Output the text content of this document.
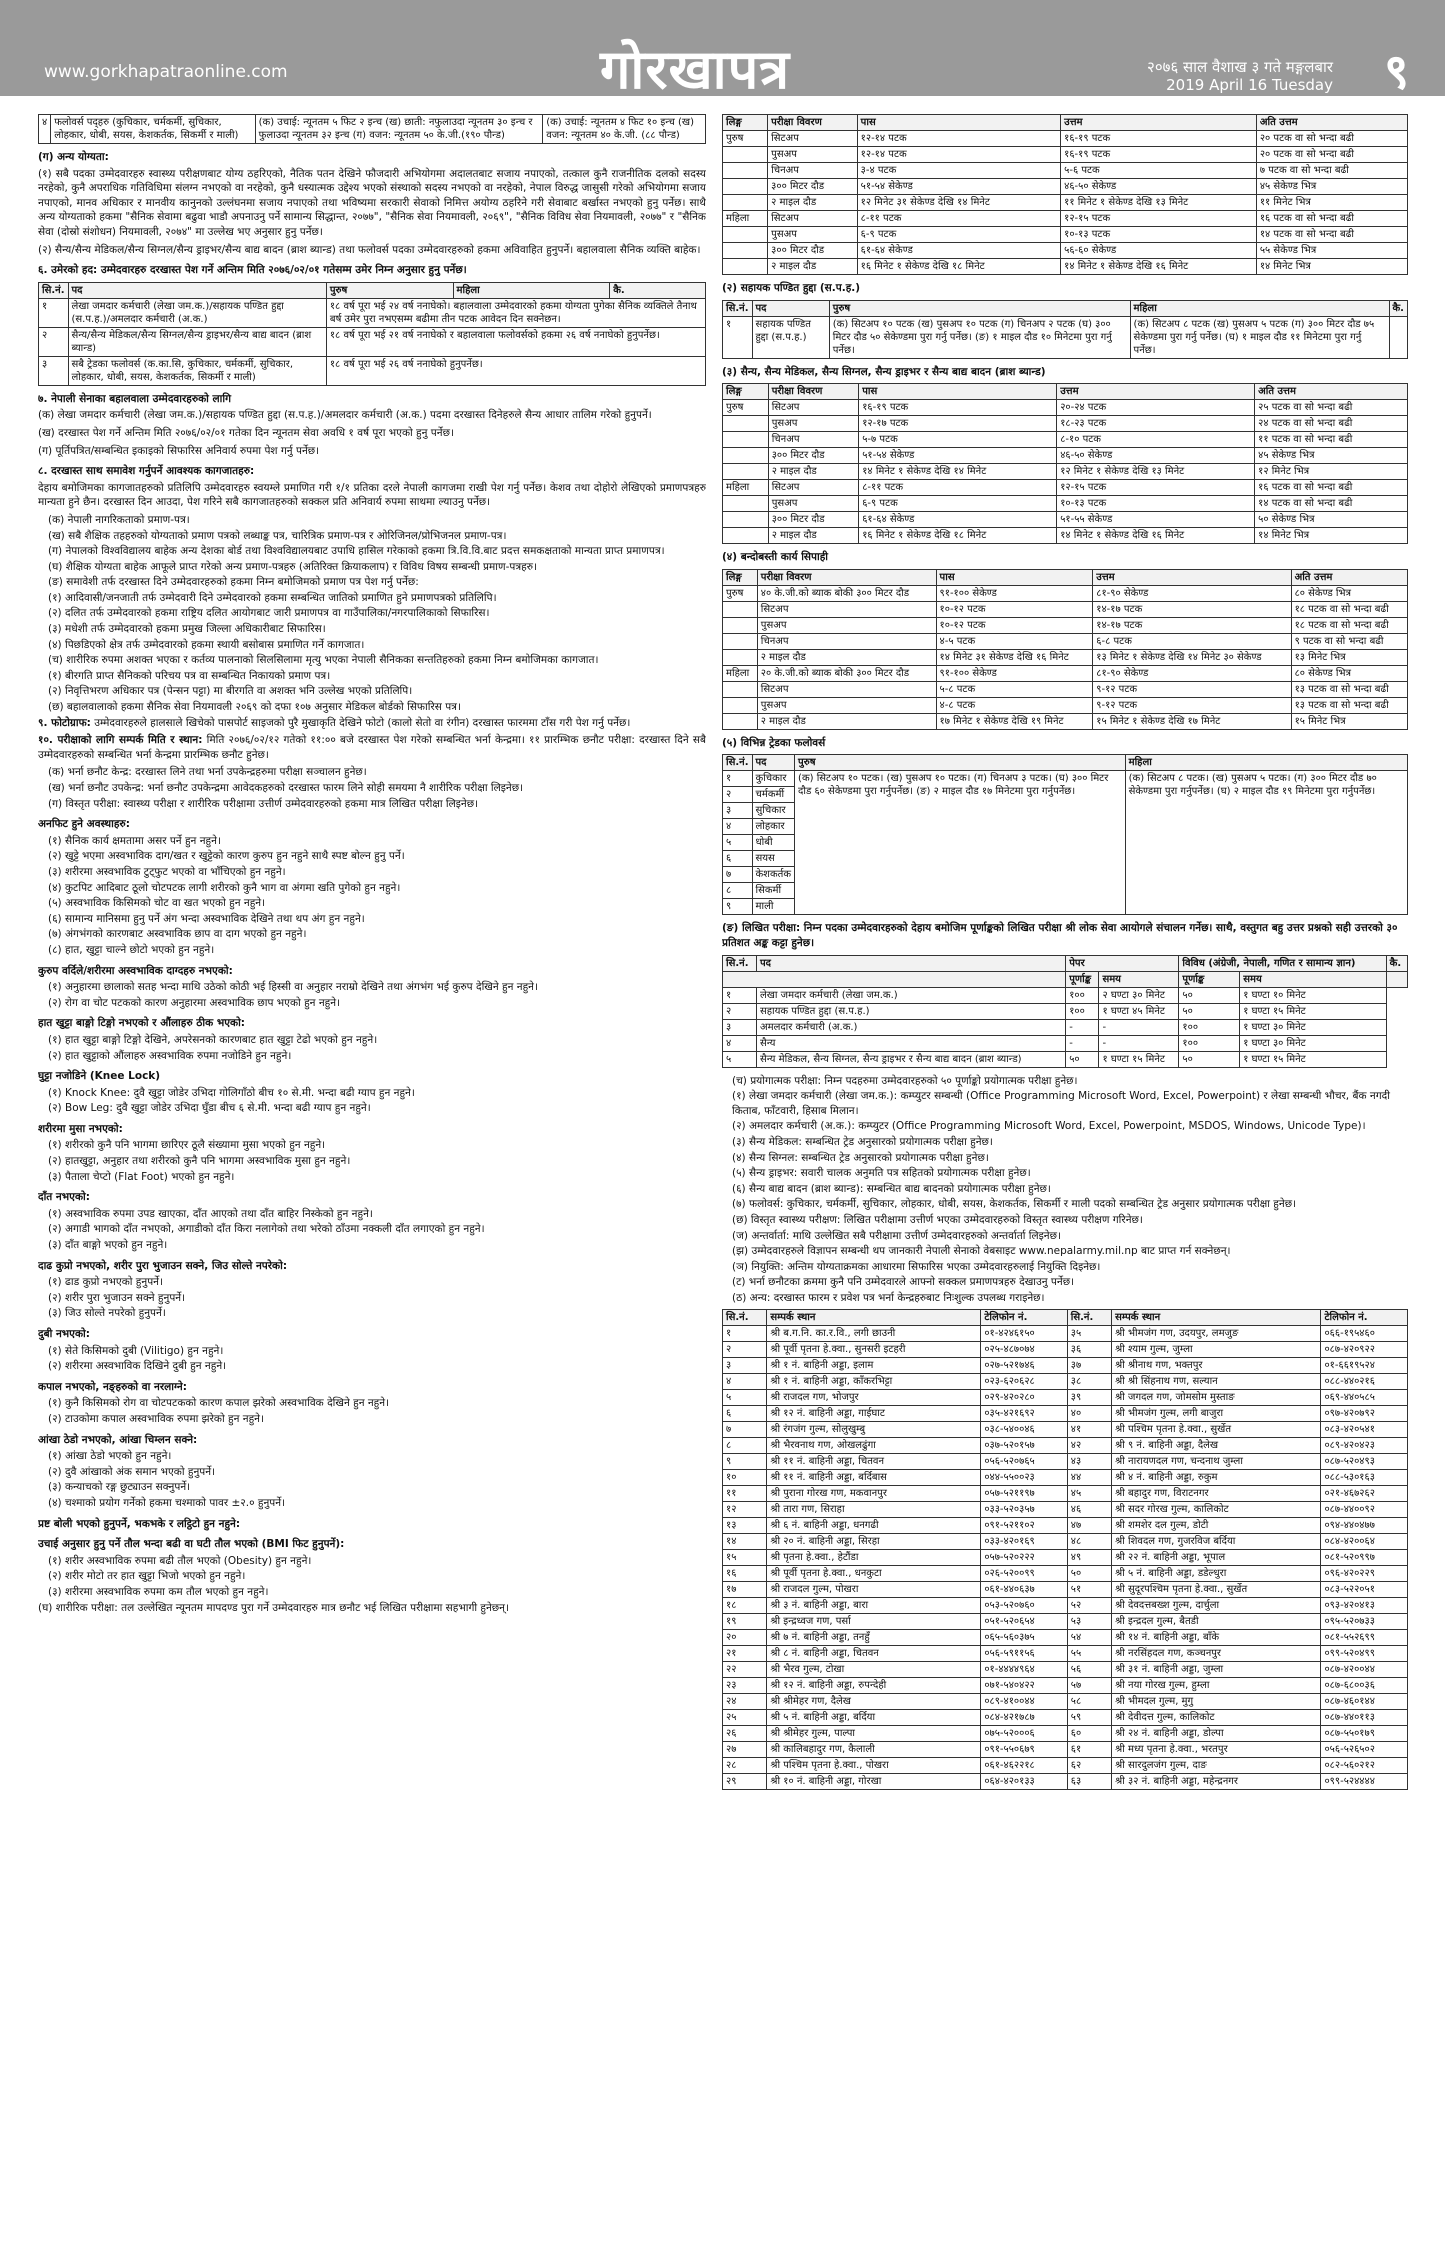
www.gorkhapatraonline.com	गोरखापत्र	२०७६ साल वैशाख ३ गते मङ्गलबार
2019 April 16 Tuesday ९
४	फलोवर्स पद्हरु (कुचिकार, चर्मकर्मी, सुचिकार, लोहकार, धोबी, सयस, केशकर्तक, सिकर्मी र माली)	(क) उचाई: न्यूनतम ५ फिट २ इन्च (ख) छाती: नफुलाउदा न्यूनतम ३० इन्च र फुलाउदा न्यूनतम ३२ इन्च (ग) वजन: न्यूनतम ५० के.जी.(१९० पौन्ड)	(क) उचाई: न्यूनतम ४ फिट १० इन्च (ख) वजन: न्यूनतम ४० के.जी. (८८ पौन्ड)
(ग) अन्य योग्यता:

(१) सबै पदका उम्मेदवारहरु स्वास्थ्य परीक्षणबाट योग्य ठहरिएको, नैतिक पतन देखिने फौजदारी अभियोगमा अदालतबाट सजाय नपाएको, तत्काल कुनै राजनीतिक दलको सदस्य नरहेको, कुनै अपराधिक गतिविधिमा संलग्न नभएको वा नरहेको, कुनै धस्यात्मक उद्देश्य भएको संस्थाको सदस्य नभएको वा नरहेको, नेपाल विरुद्ध जासुसी गरेको अभियोगमा सजाय नपाएको, मानव अधिकार र मानवीय कानुनको उल्लंघनमा सजाय नपाएको तथा भविष्यमा सरकारी सेवाको निमित्त अयोग्य ठहरिने गरी सेवाबाट बर्खास्त नभएको हुनु पर्नेछ। साथै अन्य योग्यताको हकमा "सैनिक सेवामा बढुवा भाडौ अपनाउनु पर्ने सामान्य सिद्धान्त, २०७७", "सैनिक सेवा नियमावली, २०६९", "सैनिक विविध सेवा नियमावली, २०७७" र "सैनिक सेवा (दोस्रो संशोधन) नियमावली, २०७४" मा उल्लेख भए अनुसार हुनु पर्नेछ।

(२) सैन्य/सैन्य मेडिकल/सैन्य सिग्नल/सैन्य ड्राइभर/सैन्य बाद्य बादन (ब्राश ब्यान्ड) तथा फलोवर्स पदका उम्मेदवारहरुको हकमा अविवाहित हुनुपर्ने। बहालवाला सैनिक व्यक्ति बाहेक।

६. उमेरको हद: उम्मेदवारहरु दरखास्त पेश गर्ने अन्तिम मिति २०७६/०२/०१ गतेसम्म उमेर निम्न अनुसार हुनु पर्नेछ।
सि.नं.	पद	पुरुष	महिला	कै.
१	लेखा जमदार कर्मचारी (लेखा जम.क.)/सहायक पण्डित हुद्दा (स.प.ह.)/अमलदार कर्मचारी (अ.क.)	१८ वर्ष पूरा भई २४ वर्ष ननाघेको। बहालवाला उम्मेदवारको हकमा योग्यता पुगेका सैनिक व्यक्तिले तैनाथ बर्ष उमेर पुरा नभएसम्म बढीमा तीन पटक आवेदन दिन सक्नेछन।		
२	सैन्य/सैन्य मेडिकल/सैन्य सिग्नल/सैन्य ड्राइभर/सैन्य बाद्य बादन (ब्राश ब्यान्ड)	१८ वर्ष पूरा भई २१ वर्ष ननाघेको र बहालवाला फलोवर्सको हकमा २६ वर्ष ननाघेको हुनुपर्नेछ।		
३	सबै ट्रेडका फलोवर्स (क.का.सि, कुचिकार, चर्मकर्मी, सुचिकार, लोहकार, धोबी, सयस, केशकर्तक, सिकर्मी र माली)	१८ वर्ष पूरा भई २६ वर्ष ननाघेको हुनुपर्नेछ।		
७. नेपाली सेनाका बहालवाला उम्मेदवारहरुको लागि

(क) लेखा जमदार कर्मचारी (लेखा जम.क.)/सहायक पण्डित हुद्दा (स.प.ह.)/अमलदार कर्मचारी (अ.क.) पदमा दरखास्त दिनेहरुले सैन्य आधार तालिम गरेको हुनुपर्ने।

(ख) दरखास्त पेश गर्ने अन्तिम मिति २०७६/०२/०१ गतेका दिन न्यूनतम सेवा अवधि १ वर्ष पूरा भएको हुनु पर्नेछ।

(ग) पूर्तिपत्रित/सम्बन्धित इकाइको सिफारिस अनिवार्य रुपमा पेश गर्नु पर्नेछ।

८. दरखास्त साथ समावेश गर्नुपर्ने आवश्यक कागजातहरु:

देहाय बमोजिमका कागजातहरुको प्रतिलिपि उम्मेदवारहरु स्वयम्ले प्रमाणित गरी १/१ प्रतिका दरले नेपाली कागजमा राखी पेश गर्नु पर्नेछ। केशव तथा दोहोरो लेखिएको प्रमाणपत्रहरु मान्यता हुने छैन। दरखास्त दिन आउदा, पेश गरिने सबै कागजातहरुको सक्कल प्रति अनिवार्य रुपमा साथमा ल्याउनु पर्नेछ।

(क) नेपाली नागरिकताको प्रमाण-पत्र।
(ख) सबै शैक्षिक तहहरुको योग्यताको प्रमाण पत्रको लब्धाङ्क पत्र, चारित्रिक प्रमाण-पत्र र ओरिजिनल/प्रोभिजनल प्रमाण-पत्र।
(ग) नेपालको विश्वविद्यालय बाहेक अन्य देशका बोर्ड तथा विश्वविद्यालयबाट उपाधि हासिल गरेकाको हकमा त्रि.वि.वि.बाट प्रदत्त समकक्षताको मान्यता प्राप्त प्रमाणपत्र।
(घ) शैक्षिक योग्यता बाहेक आफूले प्राप्त गरेको अन्य प्रमाण-पत्रहरु (अतिरिक्त क्रियाकलाप) र विविध विषय सम्बन्धी प्रमाण-पत्रहरु।
(ङ) समावेशी तर्फ दरखास्त दिने उम्मेदवारहरुको हकमा निम्न बमोजिमको प्रमाण पत्र पेश गर्नु पर्नेछ:
(१) आदिवासी/जनजाती तर्फ उम्मेदवारी दिने उम्मेदवारको हकमा सम्बन्धित जातिको प्रमाणित हुने प्रमाणपत्रको प्रतिलिपि।
(२) दलित तर्फ उम्मेदवारको हकमा राष्ट्रिय दलित आयोगबाट जारी प्रमाणपत्र वा गाउँपालिका/नगरपालिकाको सिफारिस।
(३) मधेशी तर्फ उम्मेदवारको हकमा प्रमुख जिल्ला अधिकारीबाट सिफारिस।
(४) पिछडिएको क्षेत्र तर्फ उम्मेदवारको हकमा स्थायी बसोबास प्रमाणित गर्ने कागजात।
(च) शारीरिक रुपमा अशक्त भएका र कर्तव्य पालनाको सिलसिलामा मृत्यु भएका नेपाली सैनिकका सन्ततिहरुको हकमा निम्न बमोजिमका कागजात।
(१) बीरगति प्राप्त सैनिकको परिचय पत्र वा सम्बन्धित निकायको प्रमाण पत्र।
(२) निवृत्तिभरण अधिकार पत्र (पेन्सन पट्टा) मा बीरगति वा अशक्त भनि उल्लेख भएको प्रतिलिपि।
(छ) बहालवालाको हकमा सैनिक सेवा नियमावली २०६९ को दफा १०७ अनुसार मेडिकल बोर्डको सिफारिस पत्र।

९. फोटोग्राफ: उम्मेदवारहरुले हालसाले खिचेको पासपोर्ट साइजको पुरै मुखाकृति देखिने फोटो (कालो सेतो वा रंगीन) दरखास्त फारममा टाँस गरी पेश गर्नु पर्नेछ।

१०. परीक्षाको लागि सम्पर्क मिति र स्थान: मिति २०७६/०२/१२ गतेको ११:०० बजे दरखास्त पेश गरेको सम्बन्धित भर्ना केन्द्रमा। ११ प्रारम्भिक छनौट परीक्षा: दरखास्त दिने सबै उम्मेदवारहरुको सम्बन्धित भर्ना केन्द्रमा प्रारम्भिक छनौट हुनेछ।

(क) भर्ना छनौट केन्द्र: दरखास्त लिने तथा भर्ना उपकेन्द्रहरुमा परीक्षा सञ्चालन हुनेछ।
(ख) भर्ना छनौट उपकेन्द्र: भर्ना छनौट उपकेन्द्रमा आवेदकहरुको दरखास्त फारम लिने सोही समयमा नै शारीरिक परीक्षा लिइनेछ।
(ग) विस्तृत परीक्षा: स्वास्थ्य परीक्षा र शारीरिक परीक्षामा उत्तीर्ण उम्मेदवारहरुको हकमा मात्र लिखित परीक्षा लिइनेछ।
अनफिट हुने अवस्थाहरु:
(१) सैनिक कार्य क्षमतामा असर पर्ने हुन नहुने।
(२) खुट्टे भएमा अस्वभाविक दाग/खत र खुट्टेको कारण कुरुप हुन नहुने साथै स्पष्ट बोल्न हुनु पर्ने।
(३) शरीरमा अस्वभाविक टुट्फुट भएको वा भाँचिएको हुन नहुने।
(४) कुटपिट आदिबाट ठूलो चोटपटक लागी शरीरको कुनै भाग वा अंगमा खति पुगेको हुन नहुने।
(५) अस्वभाविक किसिमको चोट वा खत भएको हुन नहुने।
(६) सामान्य मानिसमा हुनु पर्ने अंग भन्दा अस्वभाविक देखिने तथा थप अंग हुन नहुने।
(७) अंगभंगको कारणबाट अस्वभाविक छाप वा दाग भएको हुन नहुने।
(८) हात, खुट्टा चाल्ने छोटो भएको हुन नहुने।
कुरुप वर्दिले/शरीरमा अस्वभाविक दाग्दहरु नभएको:
(१) अनुहारमा छालाको सतह भन्दा माथि उठेको कोठी भई हिस्सी वा अनुहार नराम्रो देखिने तथा अंगभंग भई कुरुप देखिने हुन नहुने।
(२) रोग वा चोट पटकको कारण अनुहारमा अस्वभाविक छाप भएको हुन नहुने।
हात खुट्टा बाङ्गो टिङ्गो नभएको र औंलाहरु ठीक भएको:
(१) हात खुट्टा बाङ्गो टिङ्गो देखिने, अपरेसनको कारणबाट हात खुट्टा टेढो भएको हुन नहुने।
(२) हात खुट्टाको औंलाहरु अस्वभाविक रुपमा नजोडिने हुन नहुने।
घुट्टा नजोडिने (Knee Lock)
(१) Knock Knee: दुवै खुट्टा जोडेर उभिदा गोलिगाँठो बीच १० से.मी. भन्दा बढी ग्याप हुन नहुने।
(२) Bow Leg: दुवै खुट्टा जोडेर उभिदा घुँडा बीच ६ से.मी. भन्दा बढी ग्याप हुन नहुने।
शरीरमा मुसा नभएको:
(१) शरीरको कुनै पनि भागमा छारिएर ठूलै संख्यामा मुसा भएको हुन नहुने।
(२) हातखुट्टा, अनुहार तथा शरीरको कुनै पनि भागमा अस्वभाविक मुसा हुन नहुने।
(३) पैताला चेप्टो (Flat Foot) भएको हुन नहुने।
दाँत नभएको:
(१) अस्वभाविक रुपमा उपड खाएका, दाँत आएको तथा दाँत बाहिर निस्केको हुन नहुने।
(२) अगाडी भागको दाँत नभएको, अगाडीको दाँत किरा नलागेको तथा भरेको ठाँउमा नक्कली दाँत लगाएको हुन नहुने।
(३) दाँत बाङ्गो भएको हुन नहुने।
दाढ कुप्रो नभएको, शरीर पुरा भुजाउन सक्ने, जिउ सोल्ते नपरेको:
(१) ढाड कुप्रो नभएको हुनुपर्ने।
(२) शरीर पुरा भुजाउन सक्ने हुनुपर्ने।
(३) जिउ सोल्ते नपरेको हुनुपर्ने।
दुबी नभएको:
(१) सेते किसिमको दुबी (Vilitigo) हुन नहुने।
(२) शरीरमा अस्वभाविक दिखिने दुबी हुन नहुने।
कपाल नभएको, नङ्हरुको वा नरलाग्ने:
(१) कुनै किसिमको रोग वा चोटपटकको कारण कपाल झरेको अस्वभाविक देखिने हुन नहुने।
(२) टाउकोमा कपाल अस्वभाविक रुपमा झरेको हुन नहुने।
आंखा ठेडो नभएको, आंखा चिम्लन सक्ने:
(१) आंखा ठेडो भएको हुन नहुने।
(२) दुवै आंखाको अंक समान भएको हुनुपर्ने।
(३) कन्याचको रङ्ग छुट्याउन सक्नुपर्ने।
(४) चश्माको प्रयोग गर्नेको हकमा चश्माको पावर ±२.० हुनुपर्ने।
प्रष्ट बोली भएको हुनुपर्ने, भकभके र लट्ठिटो हुन नहुने:
उचाई अनुसार हुनु पर्ने तौल भन्दा बढी वा घटी तौल भएको (BMI फिट हुनुपर्ने):
(१) शरीर अस्वभाविक रुपमा बढी तौल भएको (Obesity) हुन नहुने।
(२) शरीर मोटो तर हात खुट्टा भिजो भएको हुन नहुने।
(३) शरीरमा अस्वभाविक रुपमा कम तौल भएको हुन नहुने।

(घ) शारीरिक परीक्षा: तल उल्लेखित न्यूनतम मापदण्ड पुरा गर्ने उम्मेदवारहरु मात्र छनौट भई लिखित परीक्षामा सहभागी हुनेछन्।

लिङ्ग	परीक्षा विवरण	पास	उत्तम	अति उत्तम
पुरुष	सिटअप	१२-१४ पटक	१६-१९ पटक	२० पटक वा सो भन्दा बढी
	पुसअप	१२-१४ पटक	१६-१९ पटक	२० पटक वा सो भन्दा बढी
	चिनअप	३-४ पटक	५-६ पटक	७ पटक वा सो भन्दा बढी
	३०० मिटर दौड	५१-५४ सेकेण्ड	४६-५० सेकेण्ड	४५ सेकेण्ड भित्र
	२ माइल दौड	१२ मिनेट ३१ सेकेण्ड देखि १४ मिनेट	११ मिनेट १ सेकेण्ड देखि १३ मिनेट	११ मिनेट भित्र
महिला	सिटअप	८-११ पटक	१२-१५ पटक	१६ पटक वा सो भन्दा बढी
	पुसअप	६-९ पटक	१०-१३ पटक	१४ पटक वा सो भन्दा बढी
	३०० मिटर दौड	६१-६४ सेकेण्ड	५६-६० सेकेण्ड	५५ सेकेण्ड भित्र
	२ माइल दौड	१६ मिनेट १ सेकेण्ड देखि १८ मिनेट	१४ मिनेट १ सेकेण्ड देखि १६ मिनेट	१४ मिनेट भित्र
(२) सहायक पण्डित हुद्दा (स.प.ह.)
सि.नं.	पद	पुरुष	महिला	कै.
१	सहायक पण्डित हुद्दा (स.प.ह.)	(क) सिटअप १० पटक (ख) पुसअप १० पटक (ग) चिनअप २ पटक (घ) ३०० मिटर दौड ५० सेकेण्डमा पुरा गर्नु पर्नेछ। (ङ) १ माइल दौड १० मिनेटमा पुरा गर्नु पर्नेछ।	(क) सिटअप ८ पटक (ख) पुसअप ५ पटक (ग) ३०० मिटर दौड ७५ सेकेण्डमा पुरा गर्नु पर्नेछ। (घ) १ माइल दौड ११ मिनेटमा पुरा गर्नु पर्नेछ।	
(३) सैन्य, सैन्य मेडिकल, सैन्य सिग्नल, सैन्य ड्राइभर र सैन्य बाद्य बादन (ब्राश ब्यान्ड)
लिङ्ग	परीक्षा विवरण	पास	उत्तम	अति उत्तम
पुरुष	सिटअप	१६-१९ पटक	२०-२४ पटक	२५ पटक वा सो भन्दा बढी
	पुसअप	१२-१७ पटक	१८-२३ पटक	२४ पटक वा सो भन्दा बढी
	चिनअप	५-७ पटक	८-१० पटक	११ पटक वा सो भन्दा बढी
	३०० मिटर दौड	५१-५४ सेकेण्ड	४६-५० सेकेण्ड	४५ सेकेण्ड भित्र
	२ माइल दौड	१४ मिनेट १ सेकेण्ड देखि १४ मिनेट	१२ मिनेट १ सेकेण्ड देखि १३ मिनेट	१२ मिनेट भित्र
महिला	सिटअप	८-११ पटक	१२-१५ पटक	१६ पटक वा सो भन्दा बढी
	पुसअप	६-९ पटक	१०-१३ पटक	१४ पटक वा सो भन्दा बढी
	३०० मिटर दौड	६१-६४ सेकेण्ड	५१-५५ सेकेण्ड	५० सेकेण्ड भित्र
	२ माइल दौड	१६ मिनेट १ सेकेण्ड देखि १८ मिनेट	१४ मिनेट १ सेकेण्ड देखि १६ मिनेट	१४ मिनेट भित्र
(४) बन्दोबस्ती कार्य सिपाही
लिङ्ग	परीक्षा विवरण	पास	उत्तम	अति उत्तम
पुरुष	४० के.जी.को ब्याक बोकी ३०० मिटर दौड	९१-१०० सेकेण्ड	८१-९० सेकेण्ड	८० सेकेण्ड भित्र
	सिटअप	१०-१२ पटक	१४-१७ पटक	१८ पटक वा सो भन्दा बढी
	पुसअप	१०-१२ पटक	१४-१७ पटक	१८ पटक वा सो भन्दा बढी
	चिनअप	४-५ पटक	६-८ पटक	९ पटक वा सो भन्दा बढी
	२ माइल दौड	१४ मिनेट ३१ सेकेण्ड देखि १६ मिनेट	१३ मिनेट १ सेकेण्ड देखि १४ मिनेट ३० सेकेण्ड	१३ मिनेट भित्र
महिला	२० के.जी.को ब्याक बोकी ३०० मिटर दौड	९१-१०० सेकेण्ड	८१-९० सेकेण्ड	८० सेकेण्ड भित्र
	सिटअप	५-८ पटक	९-१२ पटक	१३ पटक वा सो भन्दा बढी
	पुसअप	४-८ पटक	९-१२ पटक	१३ पटक वा सो भन्दा बढी
	२ माइल दौड	१७ मिनेट १ सेकेण्ड देखि १९ मिनेट	१५ मिनेट १ सेकेण्ड देखि १७ मिनेट	१५ मिनेट भित्र
(५) विभिन्न ट्रेडका फलोवर्स
सि.नं.	पद	पुरुष	महिला
१	कुचिकार	(क) सिटअप १० पटक। (ख) पुसअप १० पटक। (ग) चिनअप ३ पटक। (घ) ३०० मिटर दौड ६० सेकेण्डमा पुरा गर्नुपर्नेछ। (ङ) २ माइल दौड १७ मिनेटमा पुरा गर्नुपर्नेछ।	(क) सिटअप ८ पटक। (ख) पुसअप ५ पटक। (ग) ३०० मिटर दौड ७० सेकेण्डमा पुरा गर्नुपर्नेछ। (घ) २ माइल दौड १९ मिनेटमा पुरा गर्नुपर्नेछ।
२	चर्मकर्मी		
३	सुचिकार		
४	लोहकार		
५	धोबी		
६	सयस		
७	केशकर्तक		
८	सिकर्मी		
९	माली		
(ङ) लिखित परीक्षा: निम्न पदका उम्मेदवारहरुको देहाय बमोजिम पूर्णाङ्कको लिखित परीक्षा श्री लोक सेवा आयोगले संचालन गर्नेछ। साथै, वस्तुगत बहु उत्तर प्रश्नको सही उत्तरको ३० प्रतिशत अङ्क कट्टा हुनेछ।
सि.नं.	पद	पेपर		विविध (अंग्रेजी, नेपाली, गणित र सामान्य ज्ञान)		कै.
		पूर्णाङ्क	समय	पूर्णाङ्क	समय	
१	लेखा जमदार कर्मचारी (लेखा जम.क.)	१००	२ घण्टा ३० मिनेट	५०	१ घण्टा १० मिनेट	
२	सहायक पण्डित हुद्दा (स.प.ह.)	१००	१ घण्टा ४५ मिनेट	५०	१ घण्टा १५ मिनेट	
३	अमलदार कर्मचारी (अ.क.)	-	-	१००	१ घण्टा ३० मिनेट	
४	सैन्य	-	-	१००	१ घण्टा ३० मिनेट	
५	सैन्य मेडिकल, सैन्य सिग्नल, सैन्य ड्राइभर र सैन्य बाद्य बादन (ब्राश ब्यान्ड)	५०	१ घण्टा १५ मिनेट	५०	१ घण्टा १५ मिनेट	
(च) प्रयोगात्मक परीक्षा: निम्न पदहरुमा उम्मेदवारहरुको ५० पूर्णाङ्को प्रयोगात्मक परीक्षा हुनेछ।
(१) लेखा जमदार कर्मचारी (लेखा जम.क.): कम्प्युटर सम्बन्धी (Office Programming Microsoft Word, Excel, Powerpoint) र लेखा सम्बन्धी भौचर, बैंक नगदी किताब, फाँटवारी, हिसाब मिलान।
(२) अमलदार कर्मचारी (अ.क.): कम्प्युटर (Office Programming Microsoft Word, Excel, Powerpoint, MSDOS, Windows, Unicode Type)।
(३) सैन्य मेडिकल: सम्बन्धित ट्रेड अनुसारको प्रयोगात्मक परीक्षा हुनेछ।
(४) सैन्य सिग्नल: सम्बन्धित ट्रेड अनुसारको प्रयोगात्मक परीक्षा हुनेछ।
(५) सैन्य ड्राइभर: सवारी चालक अनुमति पत्र सहितको प्रयोगात्मक परीक्षा हुनेछ।
(६) सैन्य बाद्य बादन (ब्राश ब्यान्ड): सम्बन्धित बाद्य बादनको प्रयोगात्मक परीक्षा हुनेछ।
(७) फलोवर्स: कुचिकार, चर्मकर्मी, सुचिकार, लोहकार, धोबी, सयस, केशकर्तक, सिकर्मी र माली पदको सम्बन्धित ट्रेड अनुसार प्रयोगात्मक परीक्षा हुनेछ।
(छ) विस्तृत स्वास्थ्य परीक्षण: लिखित परीक्षामा उत्तीर्ण भएका उम्मेदवारहरुको विस्तृत स्वास्थ्य परीक्षण गरिनेछ।
(ज) अन्तर्वार्ता: माथि उल्लेखित सबै परीक्षामा उत्तीर्ण उम्मेदवारहरुको अन्तर्वार्ता लिइनेछ।
(झ) उम्मेदवारहरुले विज्ञापन सम्बन्धी थप जानकारी नेपाली सेनाको वेबसाइट www.nepalarmy.mil.np बाट प्राप्त गर्न सक्नेछन्।
(ञ) नियुक्ति: अन्तिम योग्यताक्रमका आधारमा सिफारिस भएका उम्मेदवारहरुलाई नियुक्ति दिइनेछ।
(ट) भर्ना छनौटका क्रममा कुनै पनि उम्मेदवारले आफ्नो सक्कल प्रमाणपत्रहरु देखाउनु पर्नेछ।
(ठ) अन्य: दरखास्त फारम र प्रवेश पत्र भर्ना केन्द्रहरुबाट निःशुल्क उपलब्ध गराइनेछ।
सि.नं.	सम्पर्क स्थान	टेलिफोन नं.	सि.नं.	सम्पर्क स्थान	टेलिफोन नं.
१	श्री ब.ग.नि. का.र.वि., लगी छाउनी	०१-४२४६१५०	३५	श्री भीमजंग गण, उदयपुर, लमजुङ	०६६-१९५४६०
२	श्री पूर्वी पृतना हे.क्वा., सुनसरी इटहरी	०२५-४८७०७४	३६	श्री श्याम गुल्म, जुम्ला	०८७-४२०९२२
३	श्री १ नं. बाहिनी अड्डा, इलाम	०२७-५२१७४६	३७	श्री श्रीनाथ गण, भक्तपुर	०१-६६१९५२४
४	श्री १ नं. बाहिनी अड्डा, काँकरभिट्टा	०२३-६२०६२८	३८	श्री श्री सिंहनाथ गण, सल्यान	०८८-४४०२१६
५	श्री राजदल गण, भोजपुर	०२९-४२०२८०	३९	श्री जगदल गण, जोमसोम मुस्ताङ	०६९-४४०५८५
६	श्री १२ नं. बाहिनी अड्डा, गाईघाट	०३५-४२१६९२	४०	श्री भीमजंग गुल्म, लगी बाजुरा	०९७-४२०७९२
७	श्री रंगजंग गुल्म, सोलुखुम्बु	०३८-५४००४६	४१	श्री पश्चिम पृतना हे.क्वा., सुर्खेत	०८३-४२०५४१
८	श्री भैरवनाथ गण, ओखलढुंगा	०३७-५२०१५७	४२	श्री ९ नं. बाहिनी अड्डा, दैलेख	०८९-४२०४२३
९	श्री ११ नं. बाहिनी अड्डा, चितवन	०५६-५२०७६५	४३	श्री नारायणदल गण, चन्दनाथ जुम्ला	०८७-५२०४९३
१०	श्री ११ नं. बाहिनी अड्डा, बर्दिबास	०४४-५५००२३	४४	श्री ४ नं. बाहिनी अड्डा, रुकुम	०८८-५३०१६३
११	श्री पुराना गोरख गण, मकवानपुर	०५७-५२११९७	४५	श्री बहादुर गण, विराटनगर	०२१-४६७२६२
१२	श्री तारा गण, सिराहा	०३३-५२०३५७	४६	श्री सदर गोरख गुल्म, कालिकोट	०८७-४४००९२
१३	श्री ६ नं. बाहिनी अड्डा, धनगढी	०९१-५२११०२	४७	श्री शमशेर दल गुल्म, डोटी	०९४-४४०४७७
१४	श्री २० नं. बाहिनी अड्डा, सिरहा	०३३-४२०१६९	४८	श्री शिवदल गण, गुजरविज बर्दिया	०८४-४२००६४
१५	श्री पृतना हे.क्वा., हेटौंडा	०५७-५२०२२२	४९	श्री २२ नं. बाहिनी अड्डा, भूपाल	०८१-५२०९९७
१६	श्री पूर्वी पृतना हे.क्वा., धनकुटा	०२६-५२००९९	५०	श्री ५ नं. बाहिनी अड्डा, डडेल्धुरा	०९६-४२०२२९
१७	श्री राजदल गुल्म, पोखरा	०६१-४४०६३७	५१	श्री सुदूरपश्चिम पृतना हे.क्वा., सुर्खेत	०८३-५२२०५१
१८	श्री ३ नं. बाहिनी अड्डा, बारा	०५३-५२०७६०	५२	श्री देवदत्तबख्श गुल्म, दार्चुला	०९३-४२०४१३
१९	श्री इन्द्रध्वज गण, पर्सा	०५१-५२०६५४	५३	श्री इन्द्रदल गुल्म, बैतडी	०९५-५२०७३३
२०	श्री ७ नं. बाहिनी अड्डा, तनहुँ	०६५-५६०३७५	५४	श्री १४ नं. बाहिनी अड्डा, बाँके	०८१-५५२६९९
२१	श्री ८ नं. बाहिनी अड्डा, चितवन	०५६-५९११५६	५५	श्री नरसिंहदल गण, कञ्चनपुर	०९९-५२०४९९
२२	श्री भैरव गुल्म, टोखा	०१-४४४४९६४	५६	श्री ३१ नं. बाहिनी अड्डा, जुम्ला	०८७-४२००४४
२३	श्री १२ नं. बाहिनी अड्डा, रुपन्देही	०७१-५४०४२२	५७	श्री नया गोरख गुल्म, हुम्ला	०८७-६८००३६
२४	श्री श्रीमेहर गण, दैलेख	०८९-४१००४४	५८	श्री भीमदल गुल्म, मुगु	०८७-४६०१४४
२५	श्री ५ नं. बाहिनी अड्डा, बर्दिया	०८४-४२१७८७	५९	श्री देवीदत्त गुल्म, कालिकोट	०८७-४४०११३
२६	श्री श्रीमेहर गुल्म, पाल्पा	०७५-५२०००६	६०	श्री २४ नं. बाहिनी अड्डा, डोल्पा	०८७-५५०१७९
२७	श्री कालिबहादुर गण, कैलाली	०९१-५५०६७९	६१	श्री मध्य पृतना हे.क्वा., भरतपुर	०५६-५२६५०२
२८	श्री पश्चिम पृतना हे.क्वा., पोखरा	०६१-४६२२१८	६२	श्री सारदुलजंग गुल्म, दाङ	०८२-५६०२१२
२९	श्री १० नं. बाहिनी अड्डा, गोरखा	०६४-४२०१३३	६३	श्री ३२ नं. बाहिनी अड्डा, महेन्द्रनगर	०९९-५२४४४४
